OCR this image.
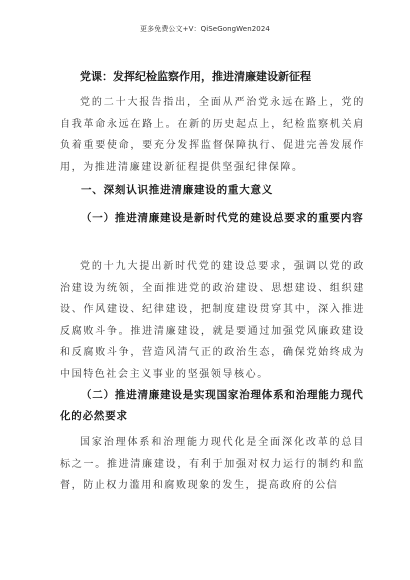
更多免费公文+V：QiSeGongWen2024
党课：发挥纪检监察作用，推进清廉建设新征程
党的二十大报告指出，全面从严治党永远在路上，党的自我革命永远在路上。在新的历史起点上，纪检监察机关肩负着重要使命，要充分发挥监督保障执行、促进完善发展作用，为推进清廉建设新征程提供坚强纪律保障。
一、深刻认识推进清廉建设的重大意义
（一）推进清廉建设是新时代党的建设总要求的重要内容
党的十九大提出新时代党的建设总要求，强调以党的政治建设为统领，全面推进党的政治建设、思想建设、组织建设、作风建设、纪律建设，把制度建设贯穿其中，深入推进反腐败斗争。推进清廉建设，就是要通过加强党风廉政建设和反腐败斗争，营造风清气正的政治生态，确保党始终成为中国特色社会主义事业的坚强领导核心。
（二）推进清廉建设是实现国家治理体系和治理能力现代化的必然要求
国家治理体系和治理能力现代化是全面深化改革的总目标之一。推进清廉建设，有利于加强对权力运行的制约和监督，防止权力滥用和腐败现象的发生，提高政府的公信
